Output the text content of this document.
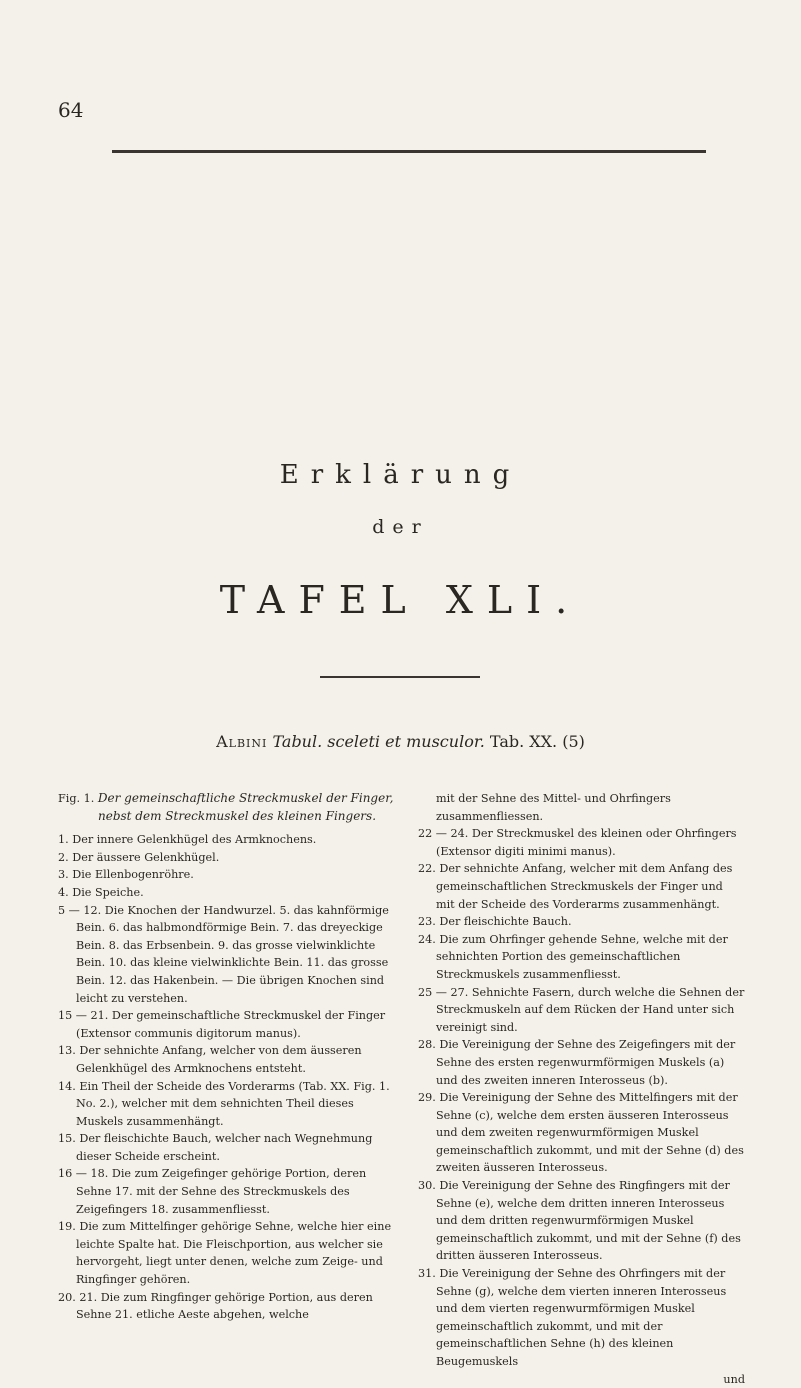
64
Erklärung
der
TAFEL XLI.
Albini Tabul. sceleti et musculor. Tab. XX. (5)

Fig. 1. Der gemeinschaftliche Streckmuskel der Finger, nebst dem Streckmuskel des kleinen Fingers.

1. Der innere Gelenkhügel des Armknochens.

2. Der äussere Gelenkhügel.

3. Die Ellenbogenröhre.

4. Die Speiche.

5 — 12. Die Knochen der Handwurzel. 5. das kahnförmige Bein. 6. das halbmondförmige Bein. 7. das dreyeckige Bein. 8. das Erbsenbein. 9. das grosse vielwinklichte Bein. 10. das kleine vielwinklichte Bein. 11. das grosse Bein. 12. das Hakenbein. — Die übrigen Knochen sind leicht zu verstehen.

15 — 21. Der gemeinschaftliche Streckmuskel der Finger (Extensor communis digitorum manus).

13. Der sehnichte Anfang, welcher von dem äusseren Gelenkhügel des Armknochens entsteht.

14. Ein Theil der Scheide des Vorderarms (Tab. XX. Fig. 1. No. 2.), welcher mit dem sehnichten Theil dieses Muskels zusammenhängt.

15. Der fleischichte Bauch, welcher nach Wegnehmung dieser Scheide erscheint.

16 — 18. Die zum Zeigefinger gehörige Portion, deren Sehne 17. mit der Sehne des Streckmuskels des Zeigefingers 18. zusammenfliesst.

19. Die zum Mittelfinger gehörige Sehne, welche hier eine leichte Spalte hat. Die Fleischportion, aus welcher sie hervorgeht, liegt unter denen, welche zum Zeige- und Ringfinger gehören.

20. 21. Die zum Ringfinger gehörige Portion, aus deren Sehne 21. etliche Aeste abgehen, welche

mit der Sehne des Mittel- und Ohrfingers zusammenfliessen.

22 — 24. Der Streckmuskel des kleinen oder Ohrfingers (Extensor digiti minimi manus).

22. Der sehnichte Anfang, welcher mit dem Anfang des gemeinschaftlichen Streckmuskels der Finger und mit der Scheide des Vorderarms zusammenhängt.

23. Der fleischichte Bauch.

24. Die zum Ohrfinger gehende Sehne, welche mit der sehnichten Portion des gemeinschaftlichen Streckmuskels zusammenfliesst.

25 — 27. Sehnichte Fasern, durch welche die Sehnen der Streckmuskeln auf dem Rücken der Hand unter sich vereinigt sind.

28. Die Vereinigung der Sehne des Zeigefingers mit der Sehne des ersten regenwurmförmigen Muskels (a) und des zweiten inneren Interosseus (b).

29. Die Vereinigung der Sehne des Mittelfingers mit der Sehne (c), welche dem ersten äusseren Interosseus und dem zweiten regenwurmförmigen Muskel gemeinschaftlich zukommt, und mit der Sehne (d) des zweiten äusseren Interosseus.

30. Die Vereinigung der Sehne des Ringfingers mit der Sehne (e), welche dem dritten inneren Interosseus und dem dritten regenwurmförmigen Muskel gemeinschaftlich zukommt, und mit der Sehne (f) des dritten äusseren Interosseus.

31. Die Vereinigung der Sehne des Ohrfingers mit der Sehne (g), welche dem vierten inneren Interosseus und dem vierten regenwurmförmigen Muskel gemeinschaftlich zukommt, und mit der gemeinschaftlichen Sehne (h) des kleinen Beugemuskels

und
